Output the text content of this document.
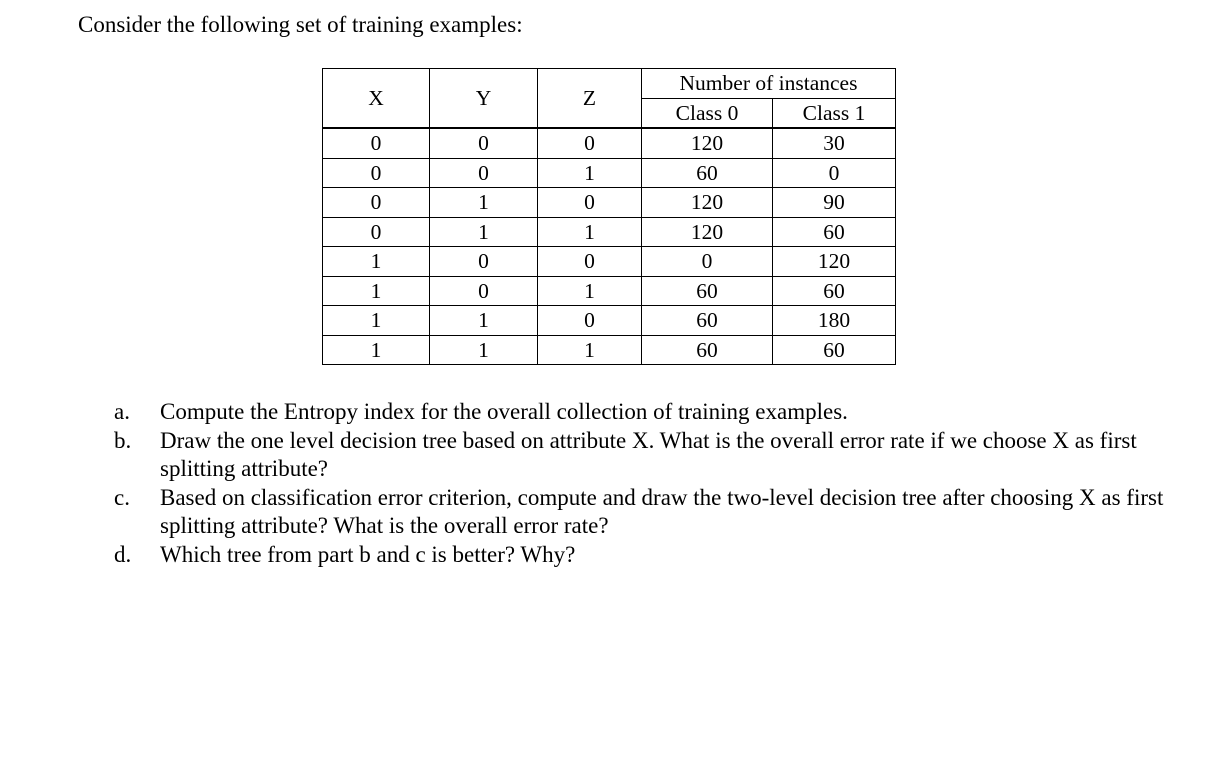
Consider the following set of training examples:

X	Y	Z	Number of instances	
			Class 0	Class 1
0	0	0	120	30
0	0	1	60	0
0	1	0	120	90
0	1	1	120	60
1	0	0	0	120
1	0	1	60	60
1	1	0	60	180
1	1	1	60	60
a. Compute the Entropy index for the overall collection of training examples.
b. Draw the one level decision tree based on attribute X. What is the overall error rate if we choose X as first splitting attribute?
c. Based on classification error criterion, compute and draw the two-level decision tree after choosing X as first splitting attribute? What is the overall error rate?
d. Which tree from part b and c is better? Why?
